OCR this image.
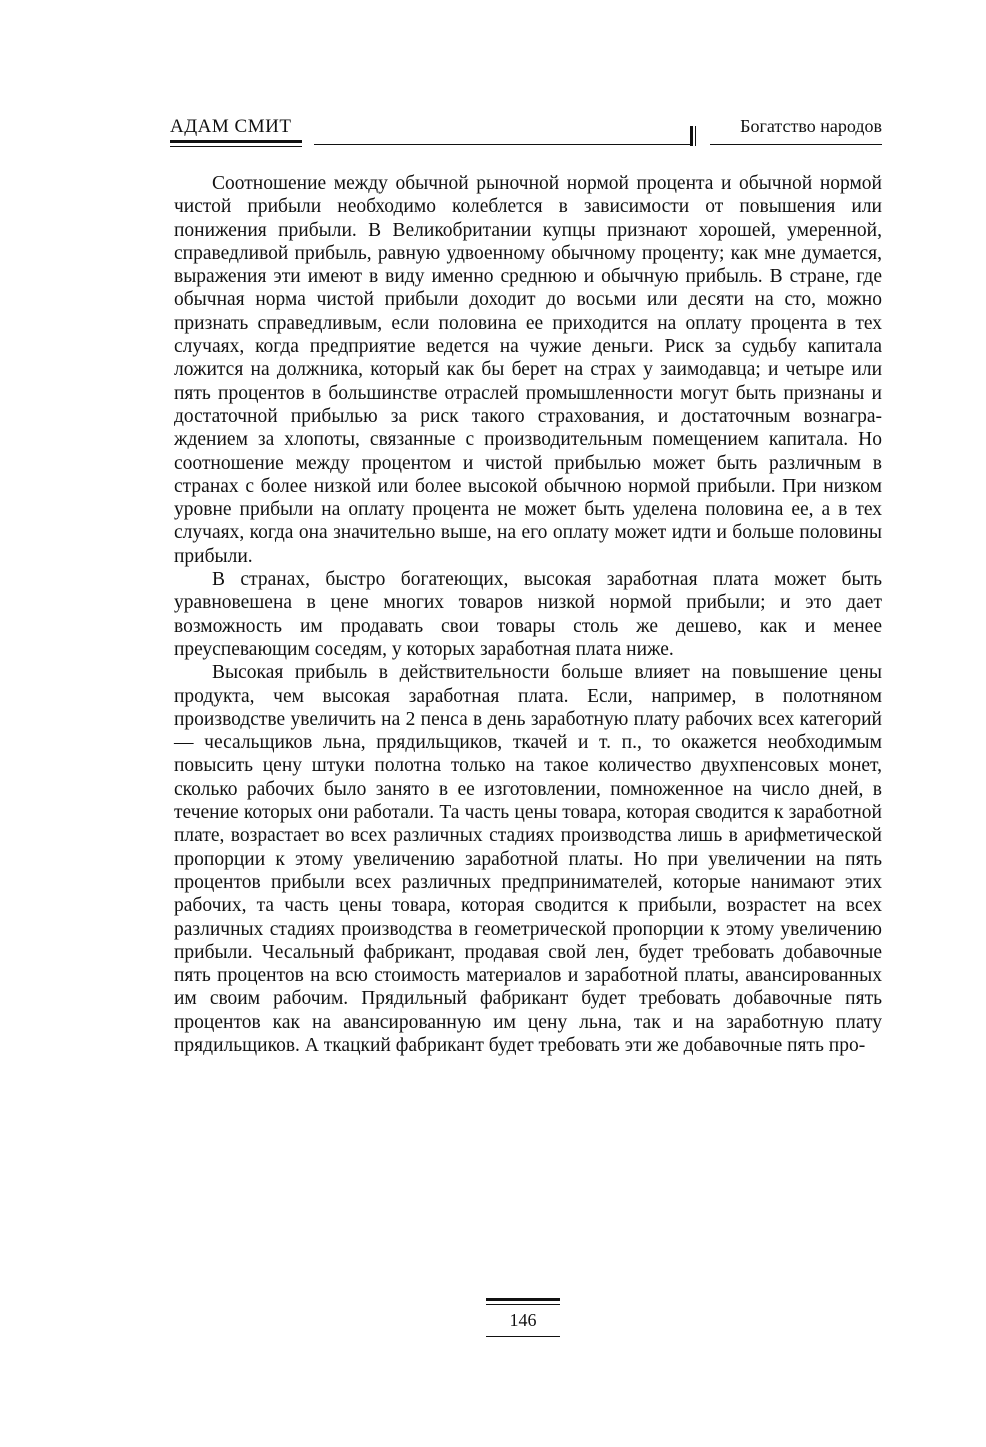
АДАМ СМИТ	Богатство народов

Соотношение между обычной рыночной нормой процента и обычной нормой чистой прибыли необходимо колеблется в зависимости от повышения или понижения прибыли. В Великобритании купцы признают хорошей, умеренной, справедливой прибыль, равную удвоенному обычному проценту; как мне думается, выражения эти имеют в виду именно среднюю и обычную прибыль. В стране, где обычная норма чистой прибыли доходит до восьми или десяти на сто, можно признать справедливым, если половина ее приходится на оплату процента в тех случаях, когда предприятие ведется на чужие деньги. Риск за судьбу капитала ложится на должника, который как бы берет на страх у заимодавца; и четыре или пять процентов в большинстве отраслей промышленности могут быть признаны и достаточной прибылью за риск такого страхования, и достаточным вознаграждением за хлопоты, связанные с производительным помещением капитала. Но соотношение между процентом и чистой прибылью может быть различным в странах с более низкой или более высокой обычною нормой прибыли. При низком уровне прибыли на оплату процента не может быть уделена половина ее, а в тех случаях, когда она значительно выше, на его оплату может идти и больше половины прибыли.

В странах, быстро богатеющих, высокая заработная плата может быть уравновешена в цене многих товаров низкой нормой прибыли; и это дает возможность им продавать свои товары столь же дешево, как и менее преуспевающим соседям, у которых заработная плата ниже.

Высокая прибыль в действительности больше влияет на повышение цены продукта, чем высокая заработная плата. Если, например, в полотняном производстве увеличить на 2 пенса в день заработную плату рабочих всех категорий — чесальщиков льна, прядильщиков, ткачей и т. п., то окажется необходимым повысить цену штуки полотна только на такое количество двухпенсовых монет, сколько рабочих было занято в ее изготовлении, помноженное на число дней, в течение которых они работали. Та часть цены товара, которая сводится к заработной плате, возрастает во всех различных стадиях производства лишь в арифметической пропорции к этому увеличению заработной платы. Но при увеличении на пять процентов прибыли всех различных предпринимателей, которые нанимают этих рабочих, та часть цены товара, которая сводится к прибыли, возрастет на всех различных стадиях производства в геометрической пропорции к этому увеличению прибыли. Чесальный фабрикант, продавая свой лен, будет требовать добавочные пять процентов на всю стоимость материалов и заработной платы, авансированных им своим рабочим. Прядильный фабрикант будет требовать добавочные пять процентов как на авансированную им цену льна, так и на заработную плату прядильщиков. А ткацкий фабрикант будет требовать эти же добавочные пять про-

146
